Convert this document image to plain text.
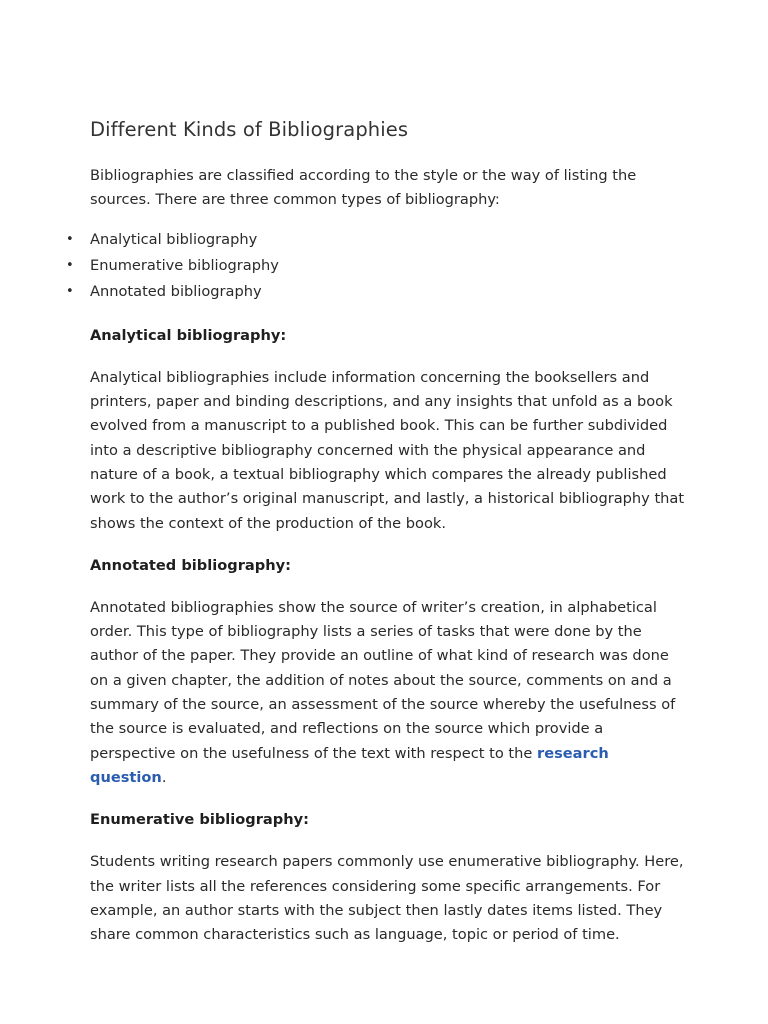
Different Kinds of Bibliographies

Bibliographies are classified according to the style or the way of listing the sources. There are three common types of bibliography:

• Analytical bibliography
• Enumerative bibliography
• Annotated bibliography
Analytical bibliography:

Analytical bibliographies include information concerning the booksellers and printers, paper and binding descriptions, and any insights that unfold as a book evolved from a manuscript to a published book. This can be further subdivided into a descriptive bibliography concerned with the physical appearance and nature of a book, a textual bibliography which compares the already published work to the author’s original manuscript, and lastly, a historical bibliography that shows the context of the production of the book.

Annotated bibliography:

Annotated bibliographies show the source of writer’s creation, in alphabetical order. This type of bibliography lists a series of tasks that were done by the author of the paper. They provide an outline of what kind of research was done on a given chapter, the addition of notes about the source, comments on and a summary of the source, an assessment of the source whereby the usefulness of the source is evaluated, and reflections on the source which provide a perspective on the usefulness of the text with respect to the research question.

Enumerative bibliography:

Students writing research papers commonly use enumerative bibliography. Here, the writer lists all the references considering some specific arrangements. For example, an author starts with the subject then lastly dates items listed. They share common characteristics such as language, topic or period of time.
